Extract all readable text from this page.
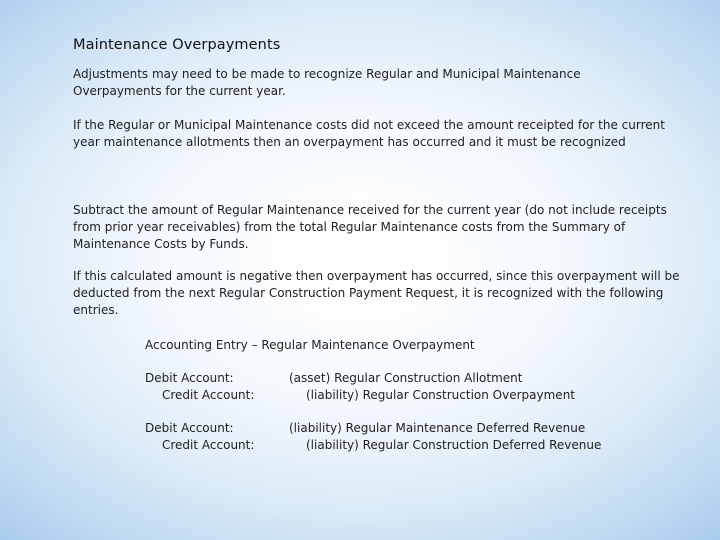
Maintenance Overpayments
Adjustments may need to be made to recognize Regular and Municipal Maintenance Overpayments for the current year.
If the Regular or Municipal Maintenance costs did not exceed the amount receipted for the current year maintenance allotments then an overpayment has occurred and it must be recognized
Subtract the amount of Regular Maintenance received for the current year (do not include receipts from prior year receivables) from the total Regular Maintenance costs from the Summary of Maintenance Costs by Funds.
If this calculated amount is negative then overpayment has occurred, since this overpayment will be deducted from the next Regular Construction Payment Request, it is recognized with the following entries.
Accounting Entry – Regular Maintenance Overpayment
Debit Account:	(asset) Regular Construction Allotment
Credit Account:	(liability) Regular Construction Overpayment
Debit Account:	(liability) Regular Maintenance Deferred Revenue
Credit Account:	(liability) Regular Construction Deferred Revenue
